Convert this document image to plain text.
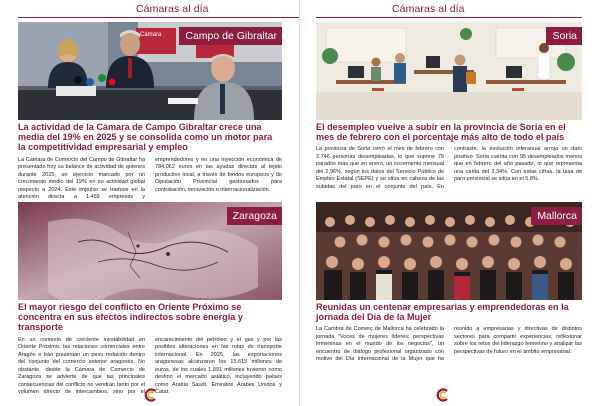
Cámaras al día
Cámara	Campo de Gibraltar
La actividad de la Cámara de Campo Gibraltar crece una media del 19% en 2025 y se consolida como un motor para la competitividad empresarial y empleo
La Cámara de Comercio del Campo de Gibraltar ha presentado hoy su balance de actividad de quienes durante 2025, un ejercicio marcado por un crecimiento medio del 19% en su actividad global respecto a 2024. Este impulso se traduce en la atención directa a 1.469 empresas y emprendedores y en una inyección económica de 784.062 euros en las ayudas directas al tejido productivo local, a través de fondos europeos y de Diputación Provincial gestionados para contratación, innovación e internacionalización.
Zaragoza
El mayor riesgo del conflicto en Oriente Próximo se concentra en sus efectos indirectos sobre energía y transporte
En un contexto de creciente inestabilidad en Oriente Próximo, las relaciones comerciales entre Aragón e Irán presentan un peso reducido dentro del conjunto del comercio exterior aragonés. No obstante, desde la Cámara de Comercio de Zaragoza se advierte de que las principales consecuencias del conflicto no vendrán tanto por el volumen directo de intercambios, sino por el encarecimiento del petróleo y el gas y por las posibles alteraciones en las rutas de transporte internacional. En 2025, las exportaciones aragonesas alcanzaron los 15.615 millones de euros, de los cuales 1.891 millones tuvieron como destino el mercado asiático, incluyendo países como Arabia Saudí, Emiratos Árabes Unidos y Catar.
Cámaras al día
Soria
El desempleo vuelve a subir en la provincia de Soria en el mes de febrero con el porcentaje más alto de todo el país
La provincia de Soria cerró el mes de febrero con 2.746 personas desempleadas, lo que supone 79 parados más que en enero, un incremento mensual del 2,96%, según los datos del Servicio Público de Empleo Estatal (SEPE) y se sitúa en cabeza de las subidas del paro en el conjunto del país. En contraste, la evolución interanual arroja un dato positivo: Soria cuenta con 95 desempleados menos que en febrero del año pasado, lo que representa una caída del 3,34%. Con estas cifras, la tasa de paro provincial se sitúa en el 5,8%.
Mallorca
Reunidas un centenar empresarias y emprendedoras en la jornada del Día de la Mujer
La Cambra de Comerç de Mallorca ha celebrado la jornada "Voces de mujeres líderes: perspectivas femeninas en el mundo de los negocios", un encuentro de diálogo profesional organizado con motivo del Día Internacional de la Mujer que ha reunido a empresarias y directivas de distintos sectores para compartir experiencias, reflexionar sobre los retos del liderazgo femenino y analizar las perspectivas de futuro en el ámbito empresarial.
